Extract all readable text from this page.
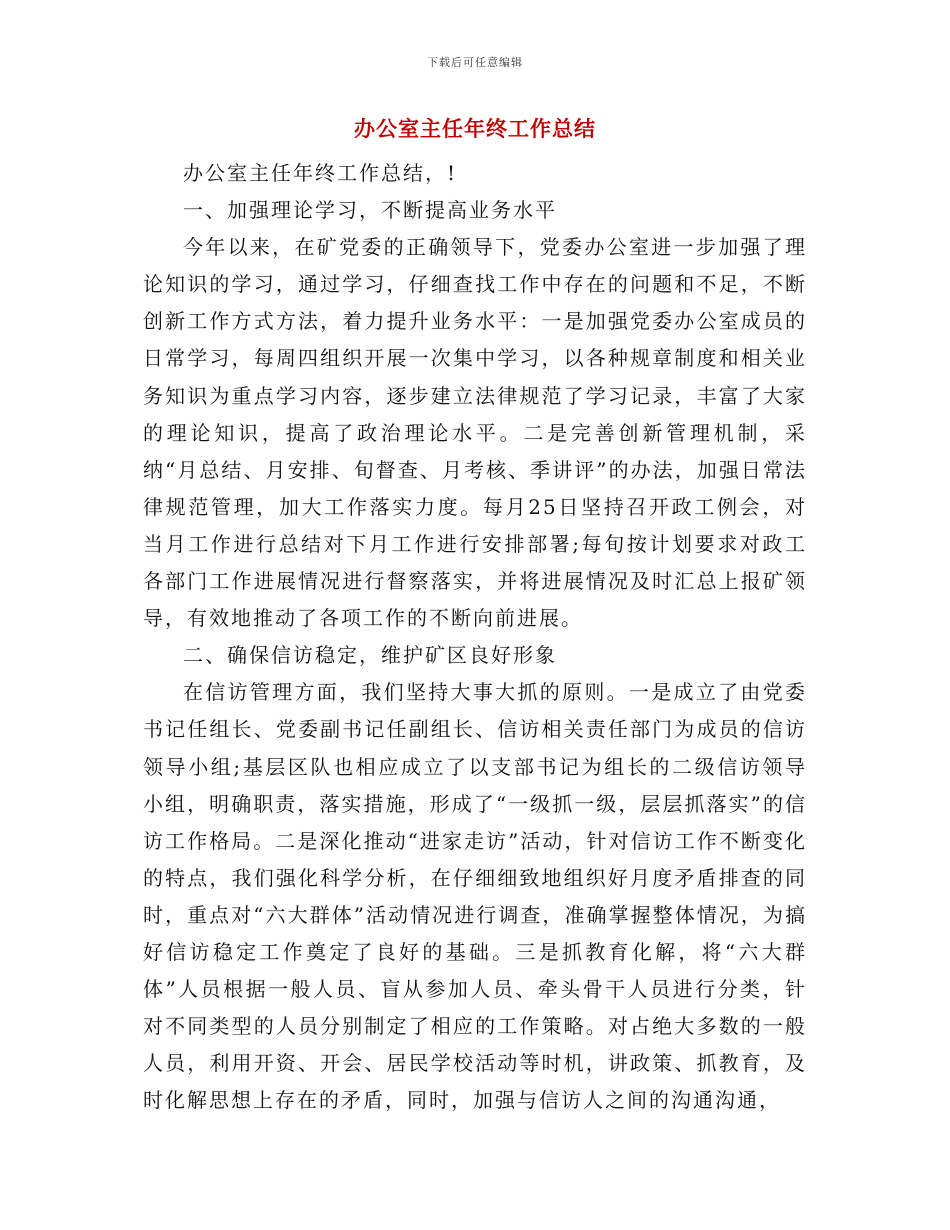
下载后可任意编辑
办公室主任年终工作总结

办公室主任年终工作总结，!

一、加强理论学习，不断提高业务水平

今年以来，在矿党委的正确领导下，党委办公室进一步加强了理论知识的学习，通过学习，仔细查找工作中存在的问题和不足，不断创新工作方式方法，着力提升业务水平：一是加强党委办公室成员的日常学习，每周四组织开展一次集中学习，以各种规章制度和相关业务知识为重点学习内容，逐步建立法律规范了学习记录，丰富了大家的理论知识，提高了政治理论水平。二是完善创新管理机制，采纳“月总结、月安排、旬督查、月考核、季讲评”的办法，加强日常法律规范管理，加大工作落实力度。每月25日坚持召开政工例会，对当月工作进行总结对下月工作进行安排部署;每旬按计划要求对政工各部门工作进展情况进行督察落实，并将进展情况及时汇总上报矿领导，有效地推动了各项工作的不断向前进展。

二、确保信访稳定，维护矿区良好形象

在信访管理方面，我们坚持大事大抓的原则。一是成立了由党委书记任组长、党委副书记任副组长、信访相关责任部门为成员的信访领导小组;基层区队也相应成立了以支部书记为组长的二级信访领导小组，明确职责，落实措施，形成了“一级抓一级，层层抓落实”的信访工作格局。二是深化推动“进家走访”活动，针对信访工作不断变化的特点，我们强化科学分析，在仔细细致地组织好月度矛盾排查的同时，重点对“六大群体”活动情况进行调查，准确掌握整体情况，为搞好信访稳定工作奠定了良好的基础。三是抓教育化解，将“六大群体”人员根据一般人员、盲从参加人员、牵头骨干人员进行分类，针对不同类型的人员分别制定了相应的工作策略。对占绝大多数的一般人员，利用开资、开会、居民学校活动等时机，讲政策、抓教育，及时化解思想上存在的矛盾，同时，加强与信访人之间的沟通沟通，
